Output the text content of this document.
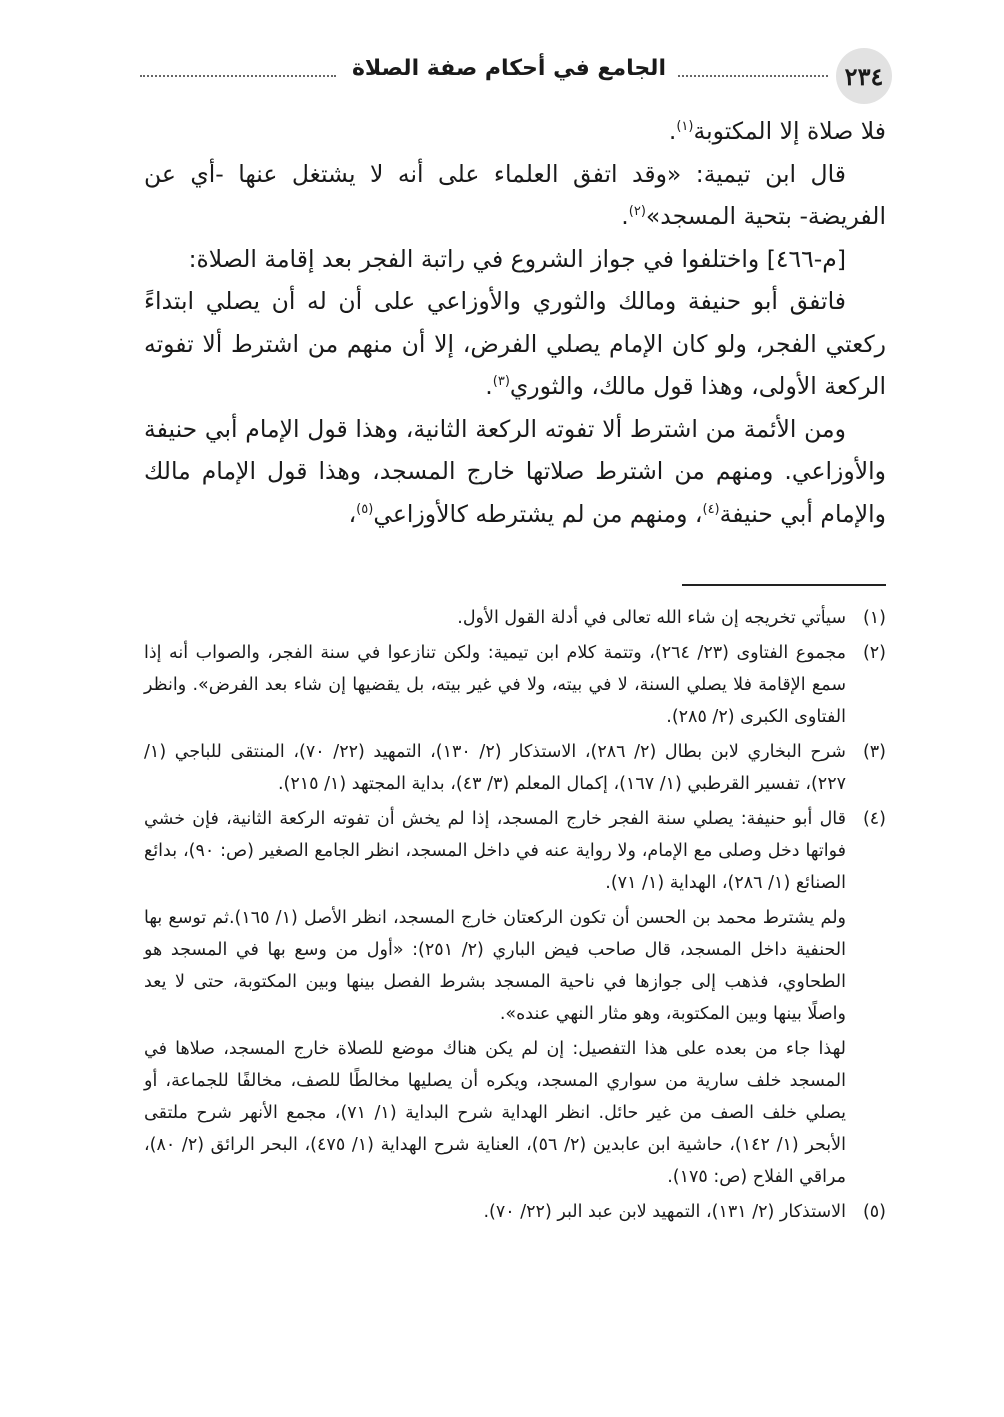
٢٣٤
الجامع في أحكام صفة الصلاة

فلا صلاة إلا المكتوبة$^{(١)}$.

قال ابن تيمية: «وقد اتفق العلماء على أنه لا يشتغل عنها -أي عن الفريضة- بتحية المسجد»$^{(٢)}$.

[م-٤٦٦] واختلفوا في جواز الشروع في راتبة الفجر بعد إقامة الصلاة:

فاتفق أبو حنيفة ومالك والثوري والأوزاعي على أن له أن يصلي ابتداءً ركعتي الفجر، ولو كان الإمام يصلي الفرض، إلا أن منهم من اشترط ألا تفوته الركعة الأولى، وهذا قول مالك، والثوري$^{(٣)}$.

ومن الأئمة من اشترط ألا تفوته الركعة الثانية، وهذا قول الإمام أبي حنيفة والأوزاعي. ومنهم من اشترط صلاتها خارج المسجد، وهذا قول الإمام مالك والإمام أبي حنيفة$^{(٤)}$، ومنهم من لم يشترطه كالأوزاعي$^{(٥)}$،

(١)
سيأتي تخريجه إن شاء الله تعالى في أدلة القول الأول.

(٢)
مجموع الفتاوى (٢٣/ ٢٦٤)، وتتمة كلام ابن تيمية: ولكن تنازعوا في سنة الفجر، والصواب أنه إذا سمع الإقامة فلا يصلي السنة، لا في بيته، ولا في غير بيته، بل يقضيها إن شاء بعد الفرض». وانظر الفتاوى الكبرى (٢/ ٢٨٥).

(٣)
شرح البخاري لابن بطال (٢/ ٢٨٦)، الاستذكار (٢/ ١٣٠)، التمهيد (٢٢/ ٧٠)، المنتقى للباجي (١/ ٢٢٧)، تفسير القرطبي (١/ ١٦٧)، إكمال المعلم (٣/ ٤٣)، بداية المجتهد (١/ ٢١٥).

(٤)
قال أبو حنيفة: يصلي سنة الفجر خارج المسجد، إذا لم يخش أن تفوته الركعة الثانية، فإن خشي فواتها دخل وصلى مع الإمام، ولا رواية عنه في داخل المسجد، انظر الجامع الصغير (ص: ٩٠)، بدائع الصنائع (١/ ٢٨٦)، الهداية (١/ ٧١).

ولم يشترط محمد بن الحسن أن تكون الركعتان خارج المسجد، انظر الأصل (١/ ١٦٥).ثم توسع بها الحنفية داخل المسجد، قال صاحب فيض الباري (٢/ ٢٥١): «أول من وسع بها في المسجد هو الطحاوي، فذهب إلى جوازها في ناحية المسجد بشرط الفصل بينها وبين المكتوبة، حتى لا يعد واصلًا بينها وبين المكتوبة، وهو مثار النهي عنده».

لهذا جاء من بعده على هذا التفصيل: إن لم يكن هناك موضع للصلاة خارج المسجد، صلاها في المسجد خلف سارية من سواري المسجد، ويكره أن يصليها مخالطًا للصف، مخالفًا للجماعة، أو يصلي خلف الصف من غير حائل. انظر الهداية شرح البداية (١/ ٧١)، مجمع الأنهر شرح ملتقى الأبحر (١/ ١٤٢)، حاشية ابن عابدين (٢/ ٥٦)، العناية شرح الهداية (١/ ٤٧٥)، البحر الرائق (٢/ ٨٠)، مراقي الفلاح (ص: ١٧٥).

(٥)
الاستذكار (٢/ ١٣١)، التمهيد لابن عبد البر (٢٢/ ٧٠).
